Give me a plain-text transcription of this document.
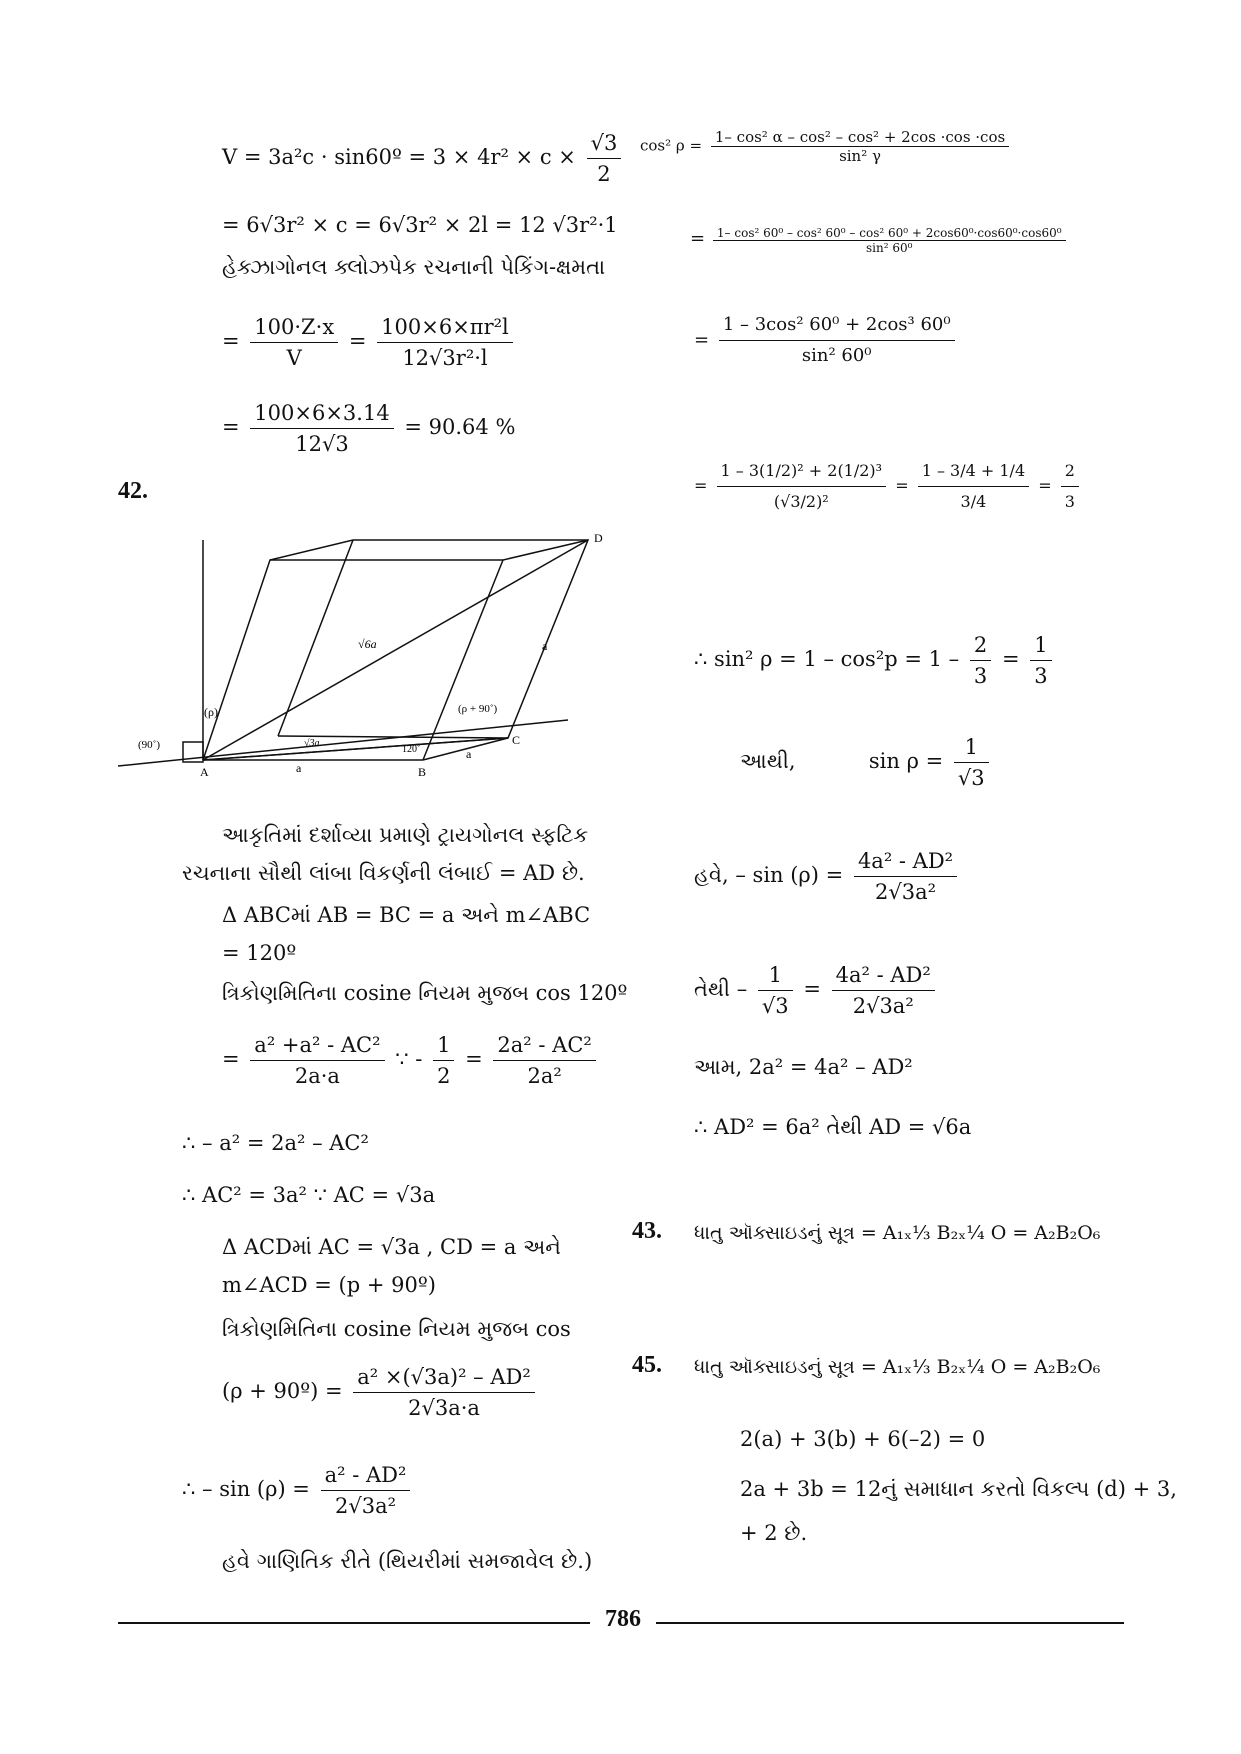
V = 3a²c · sin60º = $3 \times 4r^2 \times c \times \frac{√3}{2}$
= 6√3r² × c = 6√3r² × 2l = 12 √3r²·1
હેક્ઝાગોનલ ક્લોઝપેક રચનાની પેકિંગ-ક્ષમતા
= $\frac{100\cdot Z\cdot x}{V} = \frac{\text{100×6×πr²l}}{\text{12√3r²·l}}$
= $\frac{100\times 6\times 3.14}{12√3} = 90.64$ %
42.
D
A	B
C
a
a
a
√6a
(ρ)	(ρ + 90˚)
(90˚)	√3a
120˚
આકૃતિમાં દર્શાવ્યા પ્રમાણે ટ્રાયગોનલ સ્ફટિક
રચનાના સૌથી લાંબા વિકર્ણની લંબાઈ = AD છે.
Δ ABCમાં AB = BC = a અને m∠ABC
= 120º
ત્રિકોણમિતિના cosine નિયમ મુજબ cos 120º
= $\frac{\text{a² +a² - AC²}}{2a\cdot a}$ ∵ - $\frac{1}{2} = \frac{\text{2a² - AC²}}{\text{2a²}}$
∴ – a² = 2a² – AC²
∴ AC² = 3a² ∵ AC = √3a
Δ ACDમાં AC = √3a , CD = a અને
m∠ACD = (p + 90º)
ત્રિકોણમિતિના cosine નિયમ મુજબ cos
(ρ + 90º) = $\frac{\text{a² ×(√3a)² – AD²}}{2√3a\cdot a}$
∴ – $\sin (\rho) = \frac{\text{a² - AD²}}{\text{2√3a²}}$
હવે ગાણિતિક રીતે (થિયરીમાં સમજાવેલ છે.)
cos² $\rho = \frac{\text{1– cos² α – cos² – cos² + 2cos ·cos ·cos}}{\text{sin² γ}}$
= $\frac{\text{1– cos² 60⁰ – cos² 60⁰ – cos² 60⁰ + 2cos60⁰·cos60⁰·cos60⁰}}{\text{sin² 60⁰}}$
= $\frac{\text{1 – 3cos² 60⁰ + 2cos³ 60⁰}}{\text{sin² 60⁰}}$
= $\frac{\text{1 – 3(1/2)² + 2(1/2)³}}{\text{(√3/2)²}} = \frac{1 - 3/4 + 1/4}{3/4} = \frac{2}{3}$
∴ sin² $\rho = 1 - \cos^2p = 1 - \frac{2}{3} = \frac{1}{3}$
આથી,	$\sin \rho = \frac{1}{√3}$
હવે, – $\sin (\rho) = \frac{\text{4a² - AD²}}{\text{2√3a²}}$
તેથી – $\frac{1}{√3} = \frac{\text{4a² - AD²}}{\text{2√3a²}}$
આમ, 2a² = 4a² – AD²
∴ AD² = 6a² તેથી AD = √6a
43. ધાતુ ઑક્સાઇડનું સૂત્ર = A₁ₓ⅓ B₂ₓ¼ O = A₂B₂O₆
45. ધાતુ ઑક્સાઇડનું સૂત્ર = A₁ₓ⅓ B₂ₓ¼ O = A₂B₂O₆
2(a) + 3(b) + 6(–2) = 0
2a + 3b = 12નું સમાધાન કરતો વિકલ્પ (d) + 3,
+ 2 છે.
786
